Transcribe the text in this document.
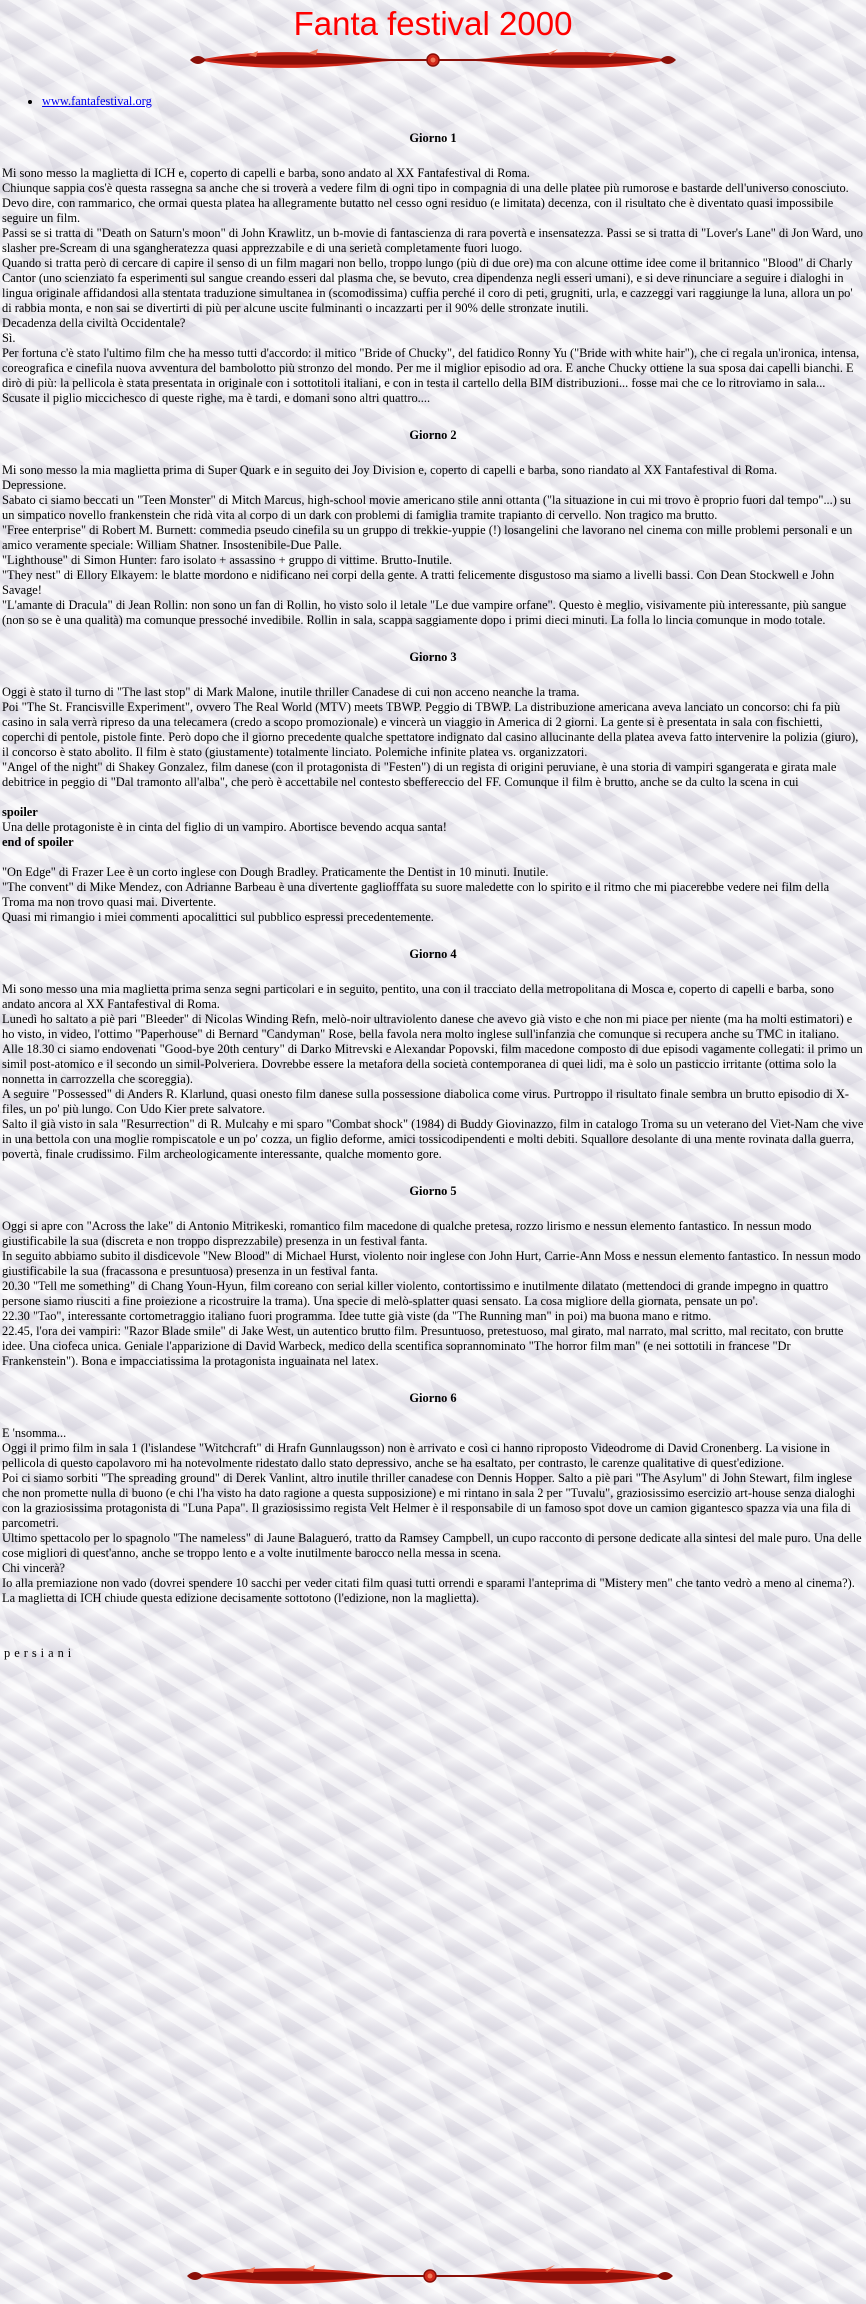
Fanta festival 2000
• www.fantafestival.org
Giorno 1

Mi sono messo la maglietta di ICH e, coperto di capelli e barba, sono andato al XX Fantafestival di Roma.

Chiunque sappia cos'è questa rassegna sa anche che si troverà a vedere film di ogni tipo in compagnia di una delle platee più rumorose e bastarde dell'universo conosciuto. Devo dire, con rammarico, che ormai questa platea ha allegramente butatto nel cesso ogni residuo (e limitata) decenza, con il risultato che è diventato quasi impossibile seguire un film.

Passi se si tratta di "Death on Saturn's moon" di John Krawlitz, un b-movie di fantascienza di rara povertà e insensatezza. Passi se si tratta di "Lover's Lane" di Jon Ward, uno slasher pre-Scream di una sgangheratezza quasi apprezzabile e di una serietà completamente fuori luogo.

Quando si tratta però di cercare di capire il senso di un film magari non bello, troppo lungo (più di due ore) ma con alcune ottime idee come il britannico "Blood" di Charly Cantor (uno scienziato fa esperimenti sul sangue creando esseri dal plasma che, se bevuto, crea dipendenza negli esseri umani), e si deve rinunciare a seguire i dialoghi in lingua originale affidandosi alla stentata traduzione simultanea in (scomodissima) cuffia perché il coro di peti, grugniti, urla, e cazzeggi vari raggiunge la luna, allora un po' di rabbia monta, e non sai se divertirti di più per alcune uscite fulminanti o incazzarti per il 90% delle stronzate inutili.

Decadenza della civiltà Occidentale?

Sì.

Per fortuna c'è stato l'ultimo film che ha messo tutti d'accordo: il mitico "Bride of Chucky", del fatidico Ronny Yu ("Bride with white hair"), che ci regala un'ironica, intensa, coreografica e cinefila nuova avventura del bambolotto più stronzo del mondo. Per me il miglior episodio ad ora. E anche Chucky ottiene la sua sposa dai capelli bianchi. E dirò di più: la pellicola è stata presentata in originale con i sottotitoli italiani, e con in testa il cartello della BIM distribuzioni... fosse mai che ce lo ritroviamo in sala...

Scusate il piglio miccichesco di queste righe, ma è tardi, e domani sono altri quattro....

Giorno 2

Mi sono messo la mia maglietta prima di Super Quark e in seguito dei Joy Division e, coperto di capelli e barba, sono riandato al XX Fantafestival di Roma.

Depressione.

Sabato ci siamo beccati un "Teen Monster" di Mitch Marcus, high-school movie americano stile anni ottanta ("la situazione in cui mi trovo è proprio fuori dal tempo"...) su un simpatico novello frankenstein che ridà vita al corpo di un dark con problemi di famiglia tramite trapianto di cervello. Non tragico ma brutto.

"Free enterprise" di Robert M. Burnett: commedia pseudo cinefila su un gruppo di trekkie-yuppie (!) losangelini che lavorano nel cinema con mille problemi personali e un amico veramente speciale: William Shatner. Insostenibile-Due Palle.

"Lighthouse" di Simon Hunter: faro isolato + assassino + gruppo di vittime. Brutto-Inutile.

"They nest" di Ellory Elkayem: le blatte mordono e nidificano nei corpi della gente. A tratti felicemente disgustoso ma siamo a livelli bassi. Con Dean Stockwell e John Savage!

"L'amante di Dracula" di Jean Rollin: non sono un fan di Rollin, ho visto solo il letale "Le due vampire orfane". Questo è meglio, visivamente più interessante, più sangue (non so se è una qualità) ma comunque pressoché invedibile. Rollin in sala, scappa saggiamente dopo i primi dieci minuti. La folla lo lincia comunque in modo totale.

Giorno 3

Oggi è stato il turno di "The last stop" di Mark Malone, inutile thriller Canadese di cui non acceno neanche la trama.

Poi "The St. Francisville Experiment", ovvero The Real World (MTV) meets TBWP. Peggio di TBWP. La distribuzione americana aveva lanciato un concorso: chi fa più casino in sala verrà ripreso da una telecamera (credo a scopo promozionale) e vincerà un viaggio in America di 2 giorni. La gente si è presentata in sala con fischietti, coperchi di pentole, pistole finte. Però dopo che il giorno precedente qualche spettatore indignato dal casino allucinante della platea aveva fatto intervenire la polizia (giuro), il concorso è stato abolito. Il film è stato (giustamente) totalmente linciato. Polemiche infinite platea vs. organizzatori.

"Angel of the night" di Shakey Gonzalez, film danese (con il protagonista di "Festen") di un regista di origini peruviane, è una storia di vampiri sgangerata e girata male debitrice in peggio di "Dal tramonto all'alba", che però è accettabile nel contesto sbeffereccio del FF. Comunque il film è brutto, anche se da culto la scena in cui

spoiler

Una delle protagoniste è in cinta del figlio di un vampiro. Abortisce bevendo acqua santa!

end of spoiler

"On Edge" di Frazer Lee è un corto inglese con Dough Bradley. Praticamente the Dentist in 10 minuti. Inutile.

"The convent" di Mike Mendez, con Adrianne Barbeau è una divertente gagliofffata su suore maledette con lo spirito e il ritmo che mi piacerebbe vedere nei film della Troma ma non trovo quasi mai. Divertente.

Quasi mi rimangio i miei commenti apocalittici sul pubblico espressi precedentemente.

Giorno 4

Mi sono messo una mia maglietta prima senza segni particolari e in seguito, pentito, una con il tracciato della metropolitana di Mosca e, coperto di capelli e barba, sono andato ancora al XX Fantafestival di Roma.

Lunedì ho saltato a piè pari "Bleeder" di Nicolas Winding Refn, melò-noir ultraviolento danese che avevo già visto e che non mi piace per niente (ma ha molti estimatori) e ho visto, in video, l'ottimo "Paperhouse" di Bernard "Candyman" Rose, bella favola nera molto inglese sull'infanzia che comunque si recupera anche su TMC in italiano.

Alle 18.30 ci siamo endovenati "Good-bye 20th century" di Darko Mitrevski e Alexandar Popovski, film macedone composto di due episodi vagamente collegati: il primo un simil post-atomico e il secondo un simil-Polveriera. Dovrebbe essere la metafora della società contemporanea di quei lidi, ma è solo un pasticcio irritante (ottima solo la nonnetta in carrozzella che scoreggia).

A seguire "Possessed" di Anders R. Klarlund, quasi onesto film danese sulla possessione diabolica come virus. Purtroppo il risultato finale sembra un brutto episodio di X-files, un po' più lungo. Con Udo Kier prete salvatore.

Salto il già visto in sala "Resurrection" di R. Mulcahy e mi sparo "Combat shock" (1984) di Buddy Giovinazzo, film in catalogo Troma su un veterano del Viet-Nam che vive in una bettola con una moglie rompiscatole e un po' cozza, un figlio deforme, amici tossicodipendenti e molti debiti. Squallore desolante di una mente rovinata dalla guerra, povertà, finale crudissimo. Film archeologicamente interessante, qualche momento gore.

Giorno 5

Oggi si apre con "Across the lake" di Antonio Mitrikeski, romantico film macedone di qualche pretesa, rozzo lirismo e nessun elemento fantastico. In nessun modo giustificabile la sua (discreta e non troppo disprezzabile) presenza in un festival fanta.

In seguito abbiamo subito il disdicevole "New Blood" di Michael Hurst, violento noir inglese con John Hurt, Carrie-Ann Moss e nessun elemento fantastico. In nessun modo giustificabile la sua (fracassona e presuntuosa) presenza in un festival fanta.

20.30 "Tell me something" di Chang Youn-Hyun, film coreano con serial killer violento, contortissimo e inutilmente dilatato (mettendoci di grande impegno in quattro persone siamo riusciti a fine proiezione a ricostruire la trama). Una specie di melò-splatter quasi sensato. La cosa migliore della giornata, pensate un po'.

22.30 "Tao", interessante cortometraggio italiano fuori programma. Idee tutte già viste (da "The Running man" in poi) ma buona mano e ritmo.

22.45, l'ora dei vampiri: "Razor Blade smile" di Jake West, un autentico brutto film. Presuntuoso, pretestuoso, mal girato, mal narrato, mal scritto, mal recitato, con brutte idee. Una ciofeca unica. Geniale l'apparizione di David Warbeck, medico della scentifica soprannominato "The horror film man" (e nei sottotili in francese "Dr Frankenstein"). Bona e impacciatissima la protagonista inguainata nel latex.

Giorno 6

E 'nsomma...

Oggi il primo film in sala 1 (l'islandese "Witchcraft" di Hrafn Gunnlaugsson) non è arrivato e così ci hanno riproposto Videodrome di David Cronenberg. La visione in pellicola di questo capolavoro mi ha notevolmente ridestato dallo stato depressivo, anche se ha esaltato, per contrasto, le carenze qualitative di quest'edizione.

Poi ci siamo sorbiti "The spreading ground" di Derek Vanlint, altro inutile thriller canadese con Dennis Hopper. Salto a piè pari "The Asylum" di John Stewart, film inglese che non promette nulla di buono (e chi l'ha visto ha dato ragione a questa supposizione) e mi rintano in sala 2 per "Tuvalu", graziosissimo esercizio art-house senza dialoghi con la graziosissima protagonista di "Luna Papa". Il graziosissimo regista Velt Helmer è il responsabile di un famoso spot dove un camion gigantesco spazza via una fila di parcometri.

Ultimo spettacolo per lo spagnolo "The nameless" di Jaune Balagueró, tratto da Ramsey Campbell, un cupo racconto di persone dedicate alla sintesi del male puro. Una delle cose migliori di quest'anno, anche se troppo lento e a volte inutilmente barocco nella messa in scena.

Chi vincerà?

Io alla premiazione non vado (dovrei spendere 10 sacchi per veder citati film quasi tutti orrendi e sparami l'anteprima di "Mistery men" che tanto vedrò a meno al cinema?).

La maglietta di ICH chiude questa edizione decisamente sottotono (l'edizione, non la maglietta).

persiani
